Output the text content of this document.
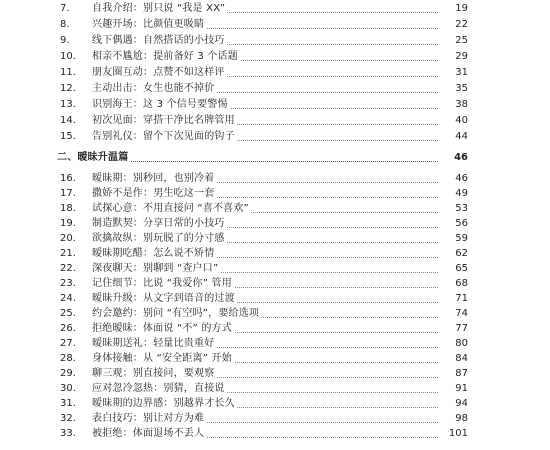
7.	自我介绍：别只说 “我是 XX”	19
8.	兴趣开场：比颜值更吸睛	22
9.	线下偶遇：自然搭话的小技巧	25
10.	相亲不尴尬：提前备好 3 个话题	29
11.	朋友圈互动：点赞不如这样评	31
12.	主动出击：女生也能不掉价	35
13.	识别海王：这 3 个信号要警惕	38
14.	初次见面：穿搭干净比名牌管用	40
15.	告别礼仪：留个下次见面的钩子	44
二、暧昧升温篇	46
16.	暧昧期：别秒回，也别冷着	46
17.	撒娇不是作：男生吃这一套	49
18.	试探心意：不用直接问 “喜不喜欢”	53
19.	制造默契：分享日常的小技巧	56
20.	欲擒故纵：别玩脱了的分寸感	59
21.	暧昧期吃醋：怎么说不矫情	62
22.	深夜聊天：别聊到 “查户口”	65
23.	记住细节：比说 “我爱你” 管用	68
24.	暧昧升级：从文字到语音的过渡	71
25.	约会邀约：别问 “有空吗”，要给选项	74
26.	拒绝暧昧：体面说 “不” 的方式	77
27.	暧昧期送礼：轻量比贵重好	80
28.	身体接触：从 “安全距离” 开始	84
29.	聊三观：别直接问，要观察	87
30.	应对忽冷忽热：别猜，直接说	91
31.	暧昧期的边界感：别越界才长久	94
32.	表白技巧：别让对方为难	98
33.	被拒绝：体面退场不丢人	101
